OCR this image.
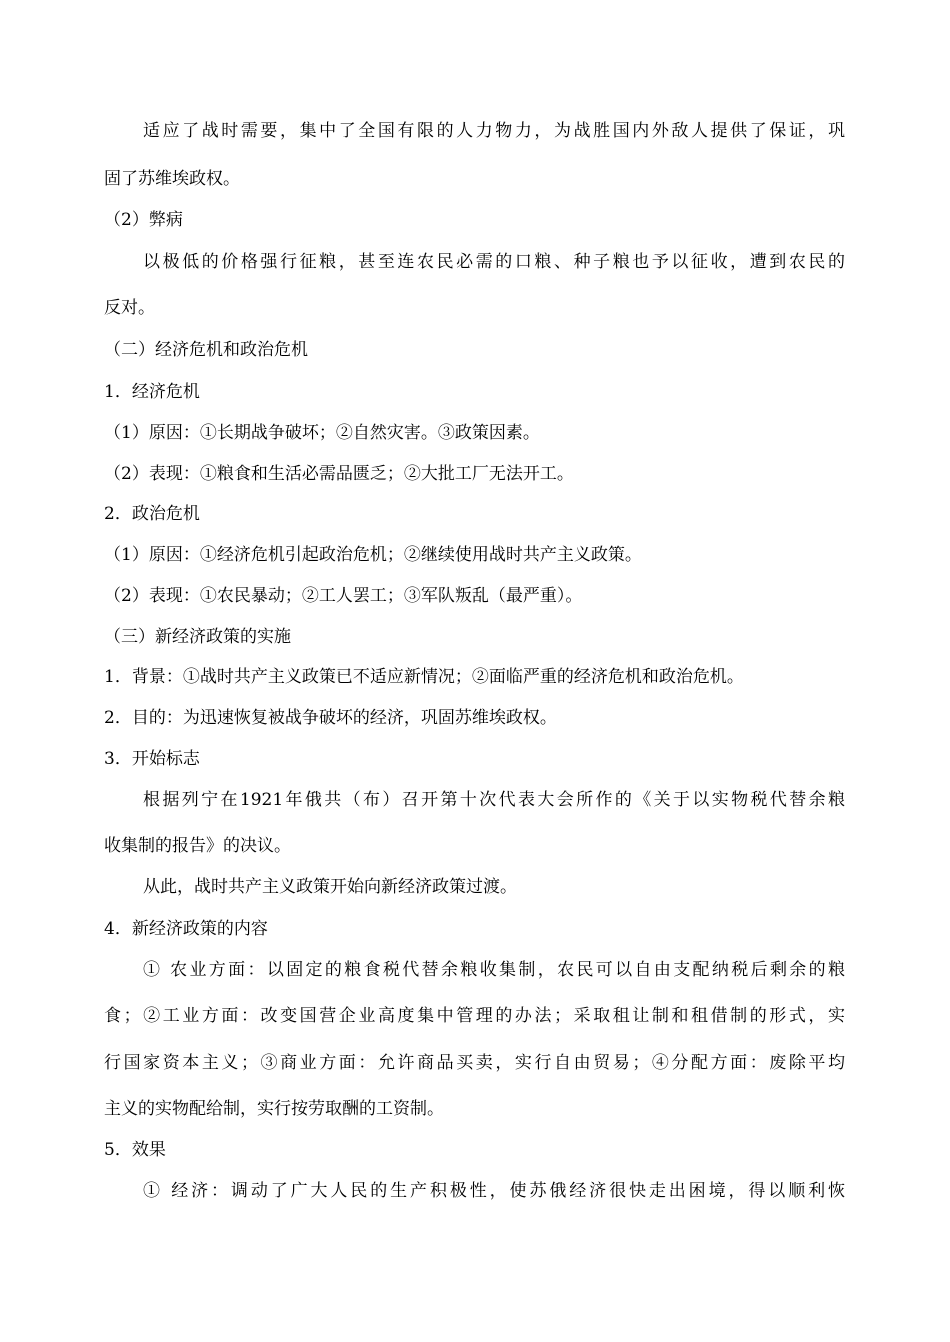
适应了战时需要，集中了全国有限的人力物力，为战胜国内外敌人提供了保证，巩
固了苏维埃政权。
（2）弊病
以极低的价格强行征粮，甚至连农民必需的口粮、种子粮也予以征收，遭到农民的
反对。
（二）经济危机和政治危机
1．经济危机
（1）原因：①长期战争破坏；②自然灾害。③政策因素。
（2）表现：①粮食和生活必需品匮乏；②大批工厂无法开工。
2．政治危机
（1）原因：①经济危机引起政治危机；②继续使用战时共产主义政策。
（2）表现：①农民暴动；②工人罢工；③军队叛乱（最严重）。
（三）新经济政策的实施
1．背景：①战时共产主义政策已不适应新情况；②面临严重的经济危机和政治危机。
2．目的：为迅速恢复被战争破坏的经济，巩固苏维埃政权。
3．开始标志
根据列宁在1921年俄共（布）召开第十次代表大会所作的《关于以实物税代替余粮
收集制的报告》的决议。
从此，战时共产主义政策开始向新经济政策过渡。
4．新经济政策的内容
① 农业方面：以固定的粮食税代替余粮收集制，农民可以自由支配纳税后剩余的粮
食；②工业方面：改变国营企业高度集中管理的办法；采取租让制和租借制的形式，实
行国家资本主义；③商业方面：允许商品买卖，实行自由贸易；④分配方面：废除平均
主义的实物配给制，实行按劳取酬的工资制。
5．效果
① 经济：调动了广大人民的生产积极性，使苏俄经济很快走出困境，得以顺利恢
